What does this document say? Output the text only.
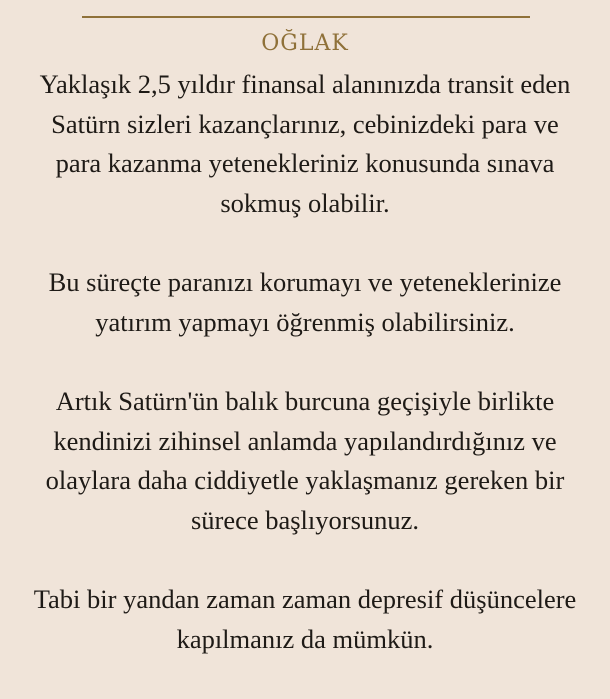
OĞLAK

Yaklaşık 2,5 yıldır finansal alanınızda transit eden
Satürn sizleri kazançlarınız, cebinizdeki para ve
para kazanma yetenekleriniz konusunda sınava
sokmuş olabilir.

Bu süreçte paranızı korumayı ve yeteneklerinize
yatırım yapmayı öğrenmiş olabilirsiniz.

Artık Satürn'ün balık burcuna geçişiyle birlikte
kendinizi zihinsel anlamda yapılandırdığınız ve
olaylara daha ciddiyetle yaklaşmanız gereken bir
sürece başlıyorsunuz.

Tabi bir yandan zaman zaman depresif düşüncelere
kapılmanız da mümkün.
